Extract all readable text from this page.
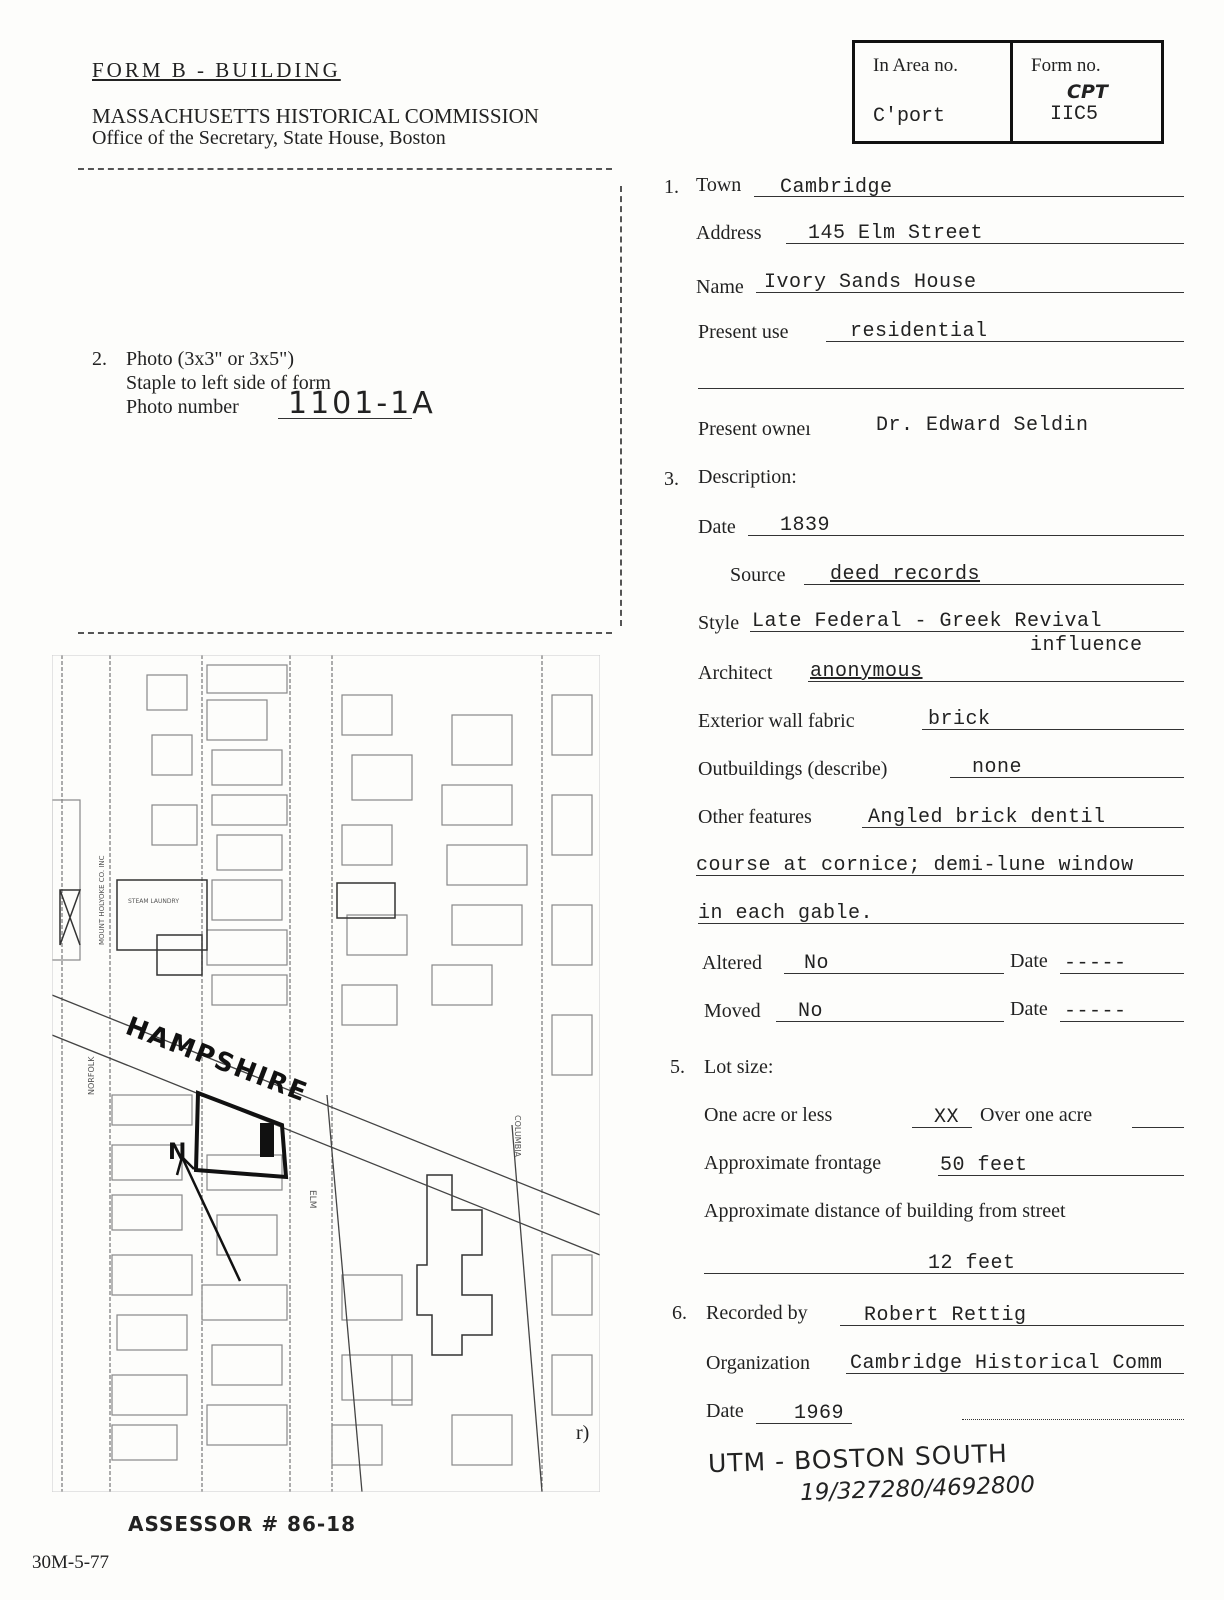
FORM B - BUILDING
MASSACHUSETTS HISTORICAL COMMISSION
Office of the Secretary, State House, Boston
In Area no.
C'port
Form no.
CPT
IIC5
2. Photo (3x3" or 3x5")
Staple to left side of form
Photo number 1101-1A
1. Town Cambridge
Address 145 Elm Street
Name Ivory Sands House
Present use	residential
Present owneı	Dr. Edward Seldin
3. Description:
Date 1839
Source deed records
Style Late Federal - Greek Revival
influence
Architect anonymous
Exterior wall fabric	brick
Outbuildings (describe)	none
Other features	Angled brick dentil
course at cornice; demi-lune window
in each gable.
Altered No	Date -----
Moved No	Date -----
5. Lot size:
One acre or less	XX Over one acre
Approximate frontage	50 feet
Approximate distance of building from street
12 feet
6. Recorded by	Robert Rettig
Organization Cambridge Historical Comm
Date	1969
UTM - BOSTON SOUTH
19/327280/4692800
HAMPSHIRE
N
ELM
NORFOLK
COLUMBIA
MOUNT HOLYOKE CO. INC	STEAM LAUNDRY
r)
ASSESSOR # 86-18
30M-5-77
